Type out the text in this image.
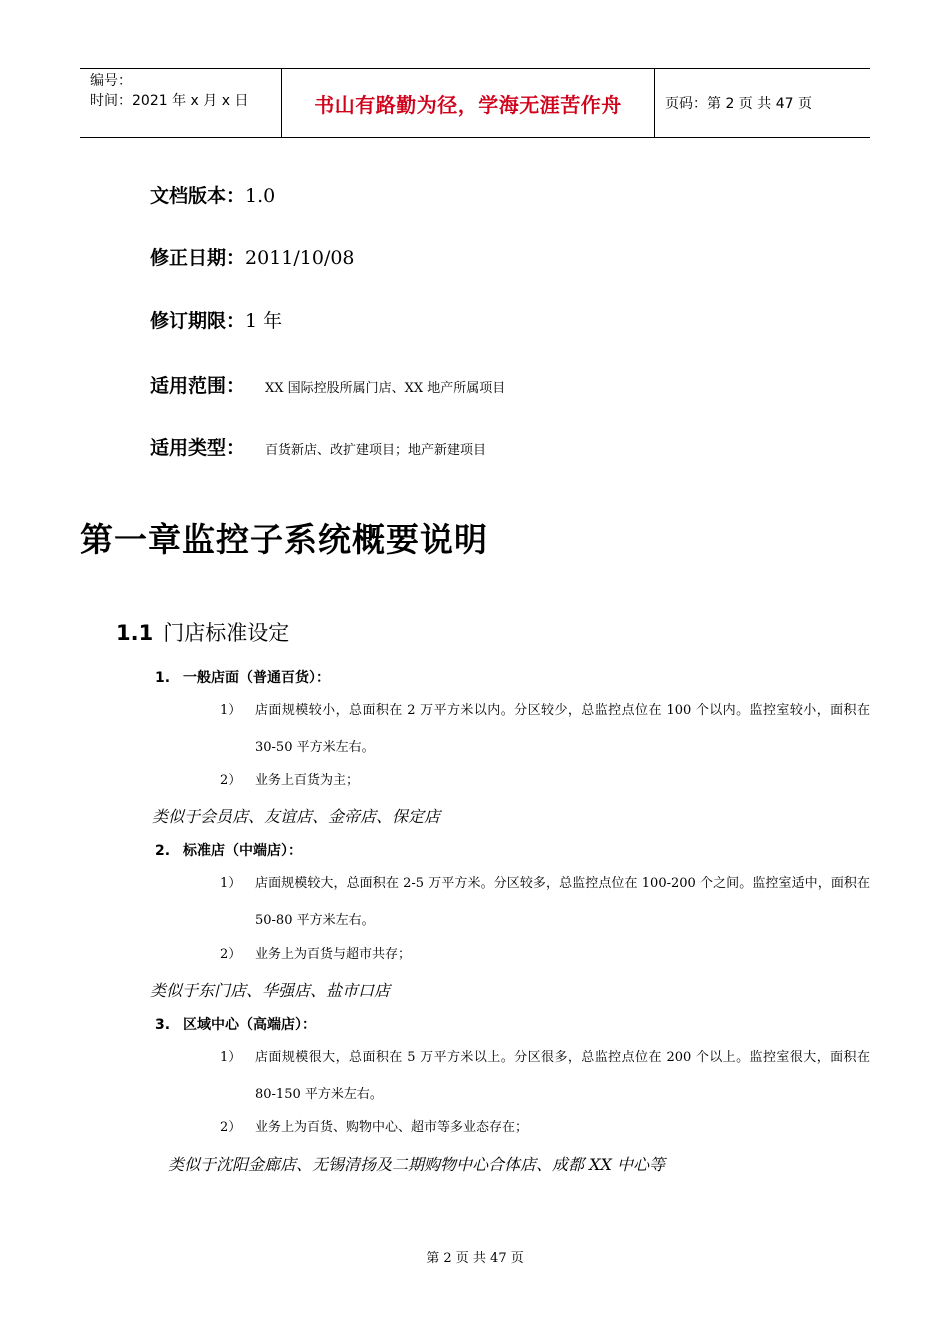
编号：
时间：2021 年 x 月 x 日	书山有路勤为径，学海无涯苦作舟	页码：第 2 页 共 47 页
文档版本：1.0
修正日期：2011/10/08
修订期限：1 年
适用范围： XX 国际控股所属门店、XX 地产所属项目
适用类型： 百货新店、改扩建项目；地产新建项目
第一章监控子系统概要说明
1.1 门店标准设定
1. 一般店面（普通百货）：
1） 店面规模较小，总面积在 2 万平方米以内。分区较少，总监控点位在 100 个以内。监控室较小，面积在 30-50 平方米左右。
2） 业务上百货为主；
类似于会员店、友谊店、金帝店、保定店
2. 标准店（中端店）：
1） 店面规模较大，总面积在 2-5 万平方米。分区较多，总监控点位在 100-200 个之间。监控室适中，面积在 50-80 平方米左右。
2） 业务上为百货与超市共存；
类似于东门店、华强店、盐市口店
3. 区域中心（高端店）：
1） 店面规模很大，总面积在 5 万平方米以上。分区很多，总监控点位在 200 个以上。监控室很大，面积在 80-150 平方米左右。
2） 业务上为百货、购物中心、超市等多业态存在；
类似于沈阳金廊店、无锡清扬及二期购物中心合体店、成都 XX 中心等
第 2 页 共 47 页
